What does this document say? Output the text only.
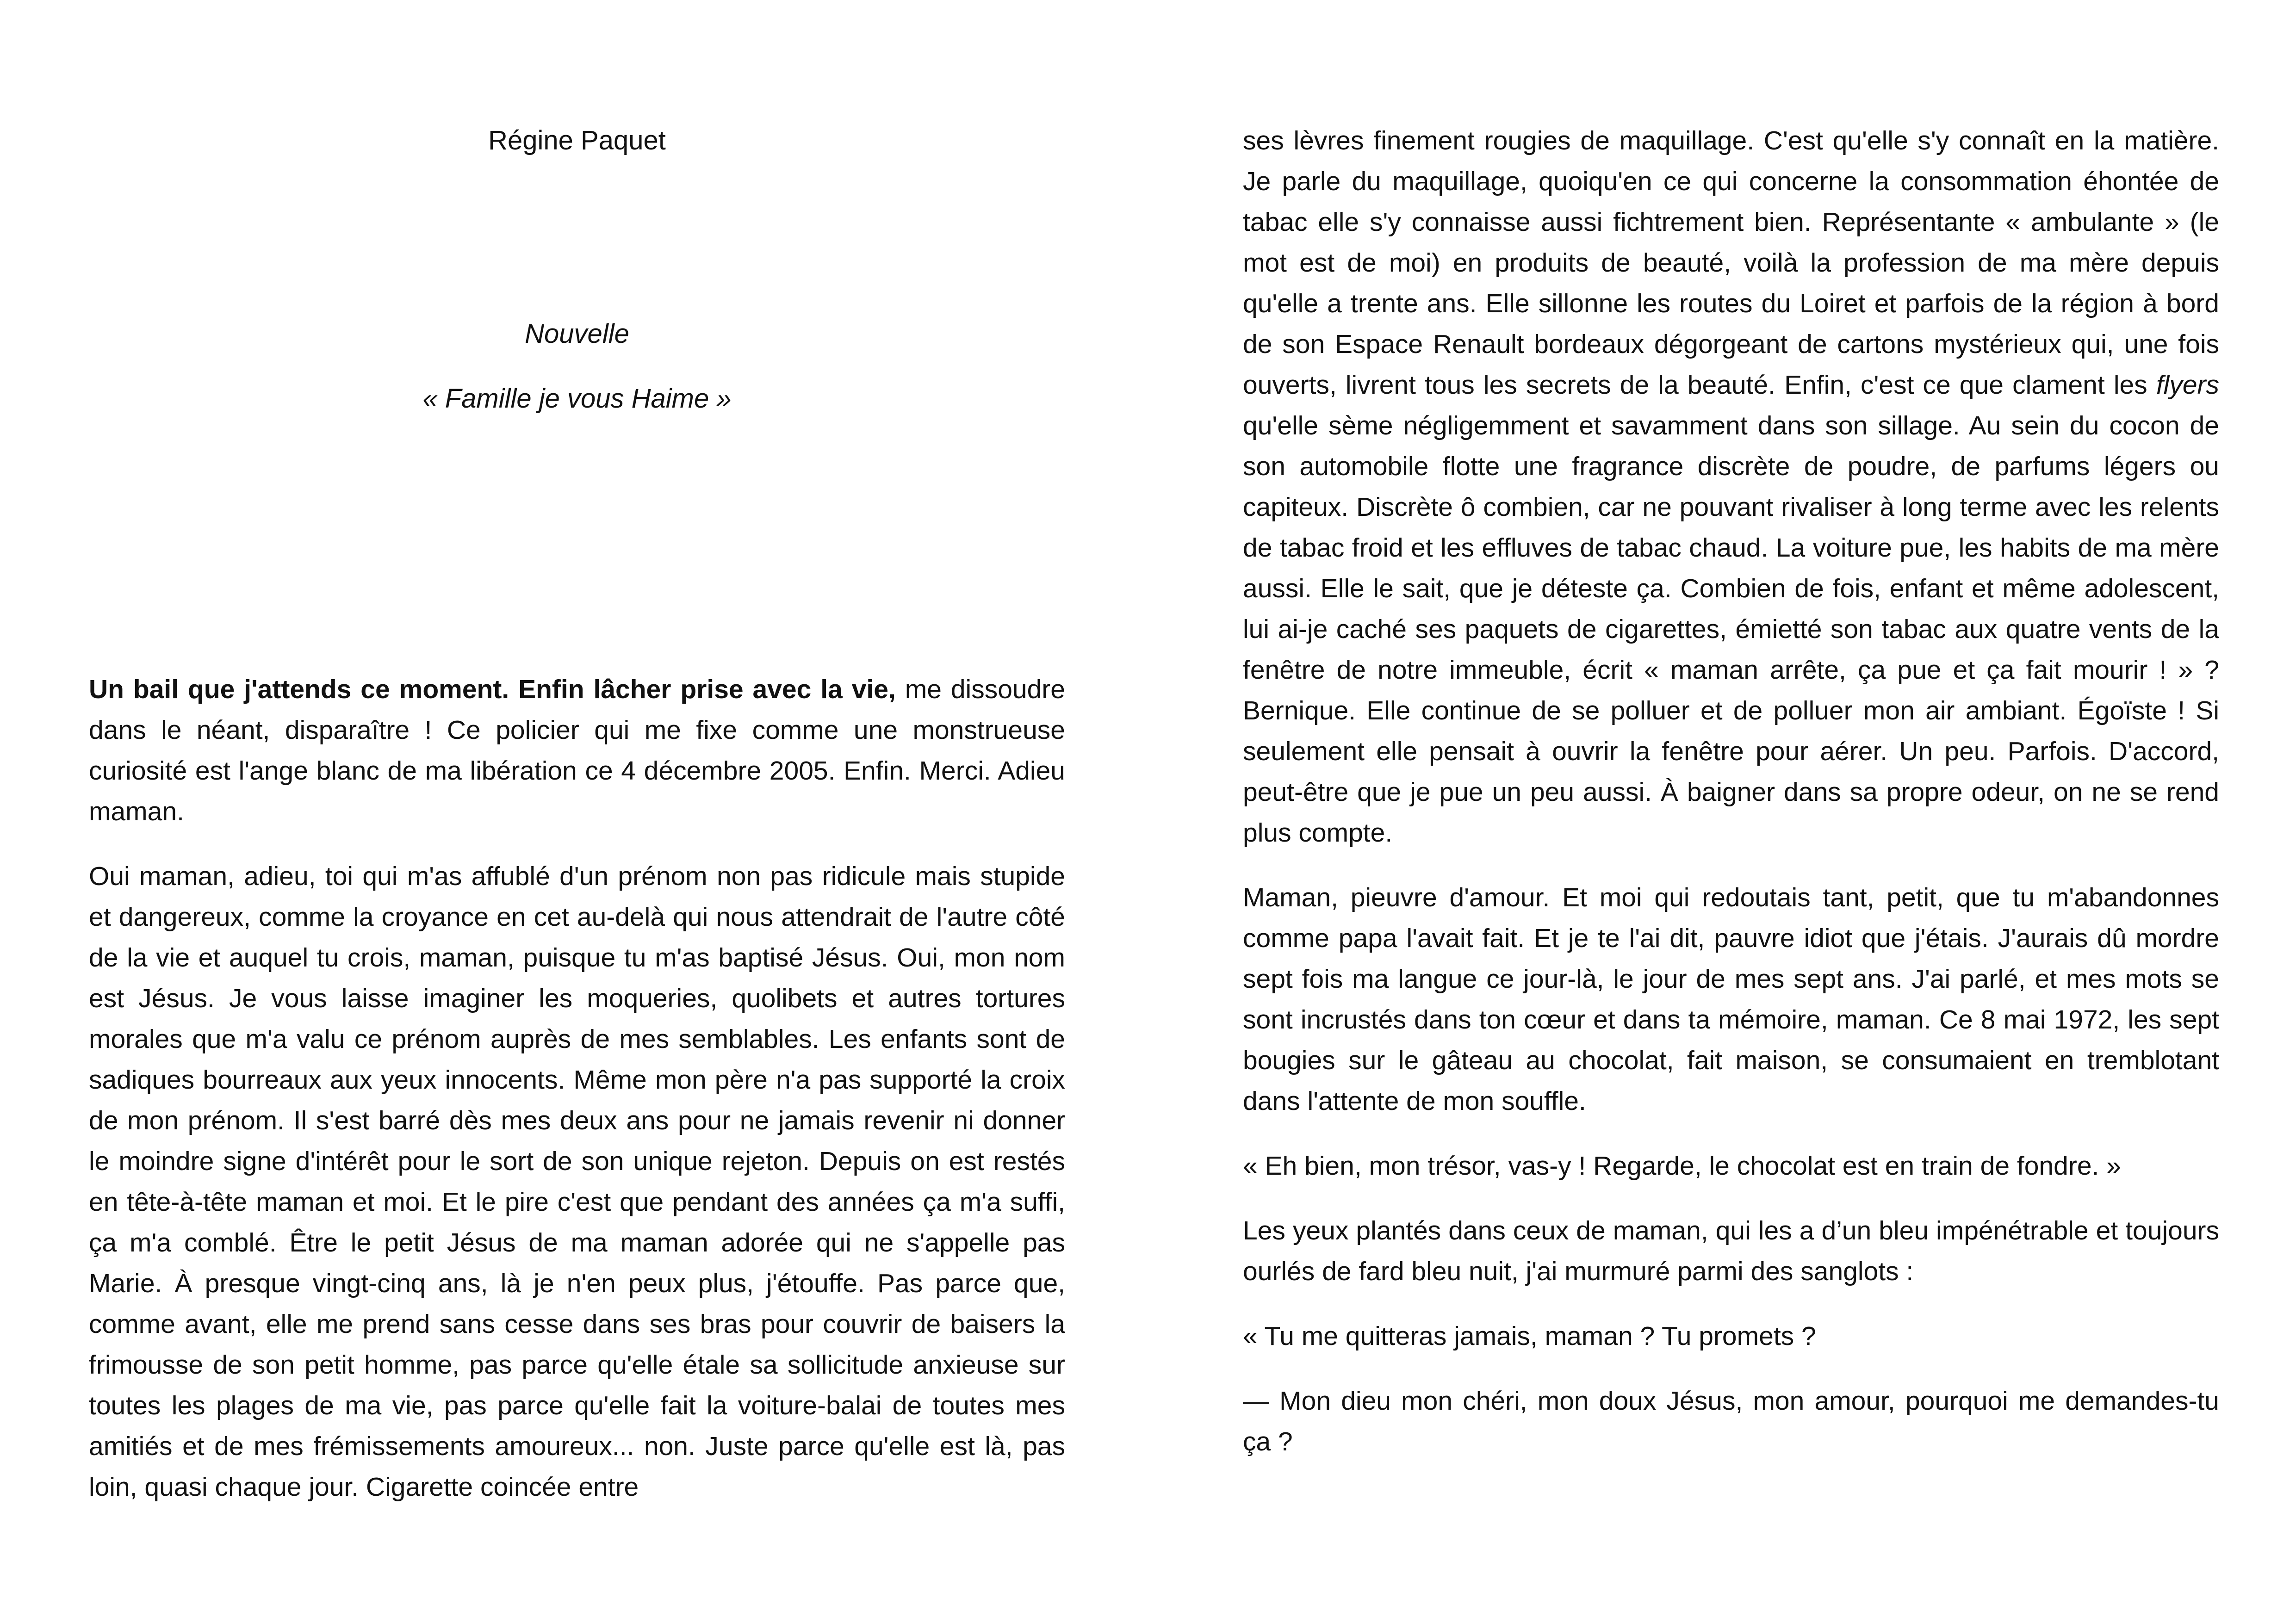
Régine Paquet

Nouvelle

« Famille je vous Haime »

Un bail que j'attends ce moment. Enfin lâcher prise avec la vie, me dissoudre dans le néant, disparaître ! Ce policier qui me fixe comme une monstrueuse curiosité est l'ange blanc de ma libération ce 4 décembre 2005. Enfin. Merci. Adieu maman.

Oui maman, adieu, toi qui m'as affublé d'un prénom non pas ridicule mais stupide et dangereux, comme la croyance en cet au-delà qui nous attendrait de l'autre côté de la vie et auquel tu crois, maman, puisque tu m'as baptisé Jésus. Oui, mon nom est Jésus. Je vous laisse imaginer les moqueries, quolibets et autres tortures morales que m'a valu ce prénom auprès de mes semblables. Les enfants sont de sadiques bourreaux aux yeux innocents. Même mon père n'a pas supporté la croix de mon prénom. Il s'est barré dès mes deux ans pour ne jamais revenir ni donner le moindre signe d'intérêt pour le sort de son unique rejeton. Depuis on est restés en tête-à-tête maman et moi. Et le pire c'est que pendant des années ça m'a suffi, ça m'a comblé. Être le petit Jésus de ma maman adorée qui ne s'appelle pas Marie. À presque vingt-cinq ans, là je n'en peux plus, j'étouffe. Pas parce que, comme avant, elle me prend sans cesse dans ses bras pour couvrir de baisers la frimousse de son petit homme, pas parce qu'elle étale sa sollicitude anxieuse sur toutes les plages de ma vie, pas parce qu'elle fait la voiture-balai de toutes mes amitiés et de mes frémissements amoureux... non. Juste parce qu'elle est là, pas loin, quasi chaque jour. Cigarette coincée entre

ses lèvres finement rougies de maquillage. C'est qu'elle s'y connaît en la matière. Je parle du maquillage, quoiqu'en ce qui concerne la consommation éhontée de tabac elle s'y connaisse aussi fichtrement bien. Représentante « ambulante » (le mot est de moi) en produits de beauté, voilà la profession de ma mère depuis qu'elle a trente ans. Elle sillonne les routes du Loiret et parfois de la région à bord de son Espace Renault bordeaux dégorgeant de cartons mystérieux qui, une fois ouverts, livrent tous les secrets de la beauté. Enfin, c'est ce que clament les flyers qu'elle sème négligemment et savamment dans son sillage. Au sein du cocon de son automobile flotte une fragrance discrète de poudre, de parfums légers ou capiteux. Discrète ô combien, car ne pouvant rivaliser à long terme avec les relents de tabac froid et les effluves de tabac chaud. La voiture pue, les habits de ma mère aussi. Elle le sait, que je déteste ça. Combien de fois, enfant et même adolescent, lui ai-je caché ses paquets de cigarettes, émietté son tabac aux quatre vents de la fenêtre de notre immeuble, écrit « maman arrête, ça pue et ça fait mourir ! » ? Bernique. Elle continue de se polluer et de polluer mon air ambiant. Égoïste ! Si seulement elle pensait à ouvrir la fenêtre pour aérer. Un peu. Parfois. D'accord, peut-être que je pue un peu aussi. À baigner dans sa propre odeur, on ne se rend plus compte.

Maman, pieuvre d'amour. Et moi qui redoutais tant, petit, que tu m'abandonnes comme papa l'avait fait. Et je te l'ai dit, pauvre idiot que j'étais. J'aurais dû mordre sept fois ma langue ce jour-là, le jour de mes sept ans. J'ai parlé, et mes mots se sont incrustés dans ton cœur et dans ta mémoire, maman. Ce 8 mai 1972, les sept bougies sur le gâteau au chocolat, fait maison, se consumaient en tremblotant dans l'attente de mon souffle.

« Eh bien, mon trésor, vas-y ! Regarde, le chocolat est en train de fondre. »

Les yeux plantés dans ceux de maman, qui les a d’un bleu impénétrable et toujours ourlés de fard bleu nuit, j'ai murmuré parmi des sanglots :

« Tu me quitteras jamais, maman ? Tu promets ?

— Mon dieu mon chéri, mon doux Jésus, mon amour, pourquoi me demandes-tu ça ?
